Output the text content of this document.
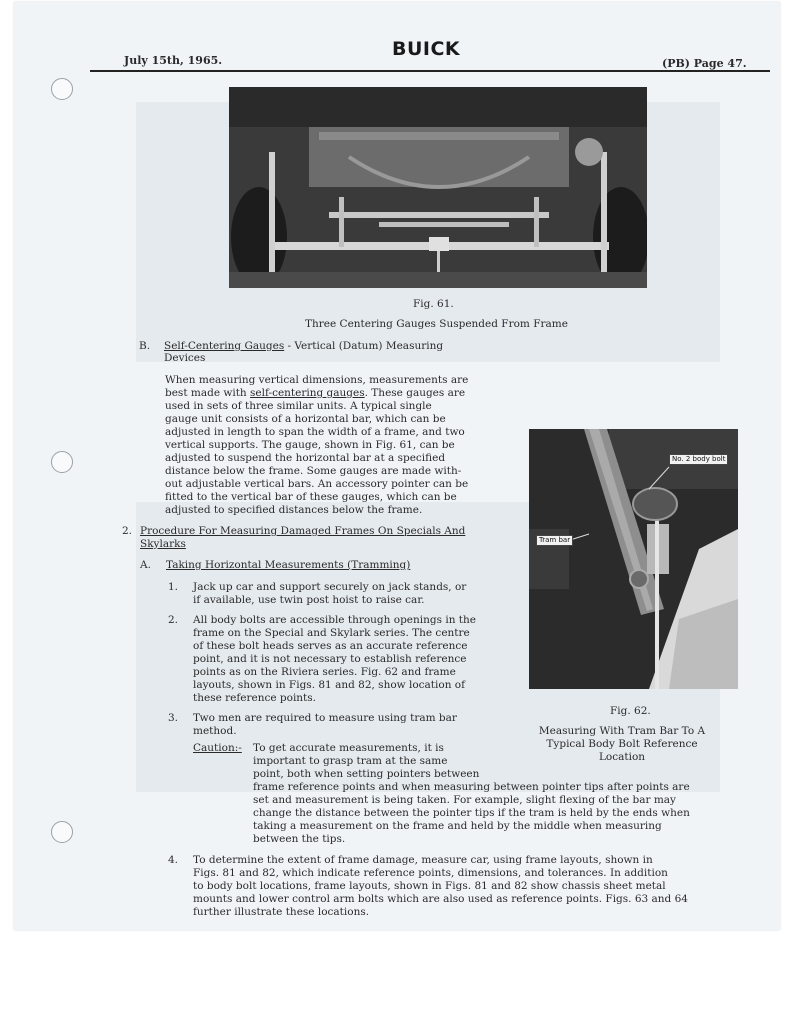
July 15th, 1965.
BUICK
(PB) Page 47.
Fig. 61.
Three Centering Gauges Suspended From Frame
B. Self-Centering Gauges - Vertical (Datum) Measuring
Devices
When measuring vertical dimensions, measurements are
best made with self-centering gauges. These gauges are
used in sets of three similar units. A typical single
gauge unit consists of a horizontal bar, which can be
adjusted in length to span the width of a frame, and two
vertical supports. The gauge, shown in Fig. 61, can be
adjusted to suspend the horizontal bar at a specified
distance below the frame. Some gauges are made with-
out adjustable vertical bars. An accessory pointer can be
fitted to the vertical bar of these gauges, which can be
adjusted to specified distances below the frame.
No. 2 body bolt
Tram bar
Fig. 62.
Measuring With Tram Bar To A
Typical Body Bolt Reference
Location
2. Procedure For Measuring Damaged Frames On Specials And
Skylarks
A. Taking Horizontal Measurements (Tramming)
1. Jack up car and support securely on jack stands, or
if available, use twin post hoist to raise car.
2. All body bolts are accessible through openings in the
frame on the Special and Skylark series. The centre
of these bolt heads serves as an accurate reference
point, and it is not necessary to establish reference
points as on the Riviera series. Fig. 62 and frame
layouts, shown in Figs. 81 and 82, show location of
these reference points.
3. Two men are required to measure using tram bar
method.
Caution:- To get accurate measurements, it is
important to grasp tram at the same
point, both when setting pointers between
frame reference points and when measuring between pointer tips after points are
set and measurement is being taken. For example, slight flexing of the bar may
change the distance between the pointer tips if the tram is held by the ends when
taking a measurement on the frame and held by the middle when measuring
between the tips.
4. To determine the extent of frame damage, measure car, using frame layouts, shown in
Figs. 81 and 82, which indicate reference points, dimensions, and tolerances. In addition
to body bolt locations, frame layouts, shown in Figs. 81 and 82 show chassis sheet metal
mounts and lower control arm bolts which are also used as reference points. Figs. 63 and 64
further illustrate these locations.
